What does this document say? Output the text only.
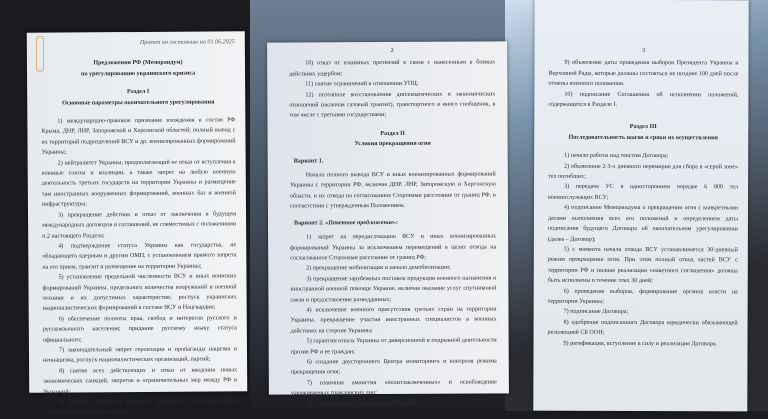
Проект по состоянию на 01.06.2025
Предложения РФ (Меморандум)
по урегулированию украинского кризиса
Раздел I
Основные параметры окончательного урегулирования

1) международно-правовое признание вхождения в состав РФ Крыма, ДНР, ЛНР, Запорожской и Херсонской областей; полный вывод с их территорий подразделений ВСУ и др. военизированных формирований Украины;

2) нейтралитет Украины, предполагающий ее отказ от вступления в военные союзы и коалиции, а также запрет на любую военную деятельность третьих государств на территории Украины и размещение там иностранных вооруженных формирований, военных баз и военной инфраструктуры;

3) прекращение действия и отказ от заключения в будущем международных договоров и соглашений, не совместимых с положениями п.2 настоящего Раздела;

4) подтверждение статуса Украины как государства, не обладающего ядерным и другим ОМП, с установлением прямого запрета на его прием, транзит и размещение на территории Украины;

5) установление предельной численности ВСУ и иных воинских формирований Украины, предельного количества вооружений и военной техники и их допустимых характеристик; роспуск украинских националистических формирований в составе ВСУ и Нацгвардии;

6) обеспечение полноты прав, свобод и интересов русского и русскоязычного населения; придание русскому языку статуса официального;

7) законодательный запрет героизации и пропаганды нацизма и неонацизма, роспуск националистических организаций, партий;

8) снятие всех действующих и отказ от введения новых экономических санкций, запретов и ограничительных мер между РФ и Украиной;

9) решение комплекса вопросов, связанных с воссоединением семей и перемещенными лицами;

2

10) отказ от взаимных претензий в связи с нанесенным в боевых действиях ущербом;

11) снятие ограничений в отношении УПЦ;

12) поэтапное восстановление дипломатических и экономических отношений (включая газовый транзит), транспортного и иного сообщения, в том числе с третьими государствами;

Раздел II
Условия прекращения огня
Вариант 1.

Начало полного вывода ВСУ и иных военизированных формирований Украины с территории РФ, включая ДНР, ЛНР, Запорожскую и Херсонскую области, и их отвода на согласованное Сторонами расстояние от границ РФ, в соответствии с утвержденным Положением.

Вариант 2. «Пакетное предложение»:

1) запрет на передислокацию ВСУ и иных военизированных формирований Украины за исключением перемещений в целях отвода на согласованное Сторонами расстояние от границ РФ;

2) прекращение мобилизации и начало демобилизации;

3) прекращение зарубежных поставок продукции военного назначения и иностранной военной помощи Украине, включая оказание услуг спутниковой связи и предоставление разведданных;

4) исключение военного присутствия третьих стран на территории Украины, прекращение участия иностранных специалистов в военных действиях на стороне Украины;

5) гарантии отказа Украины от диверсионной и подрывной деятельности против РФ и ее граждан;

6) создание двустороннего Центра мониторинга и контроля режима прекращения огня;

7) взаимная амнистия «политзаключенных» и освобождение удерживаемых гражданских лиц;

8) отмена военного положения на Украине;

3

9) объявление даты проведения выборов Президента Украины и Верховной Рады, которые должны состояться не позднее 100 дней после отмены военного положения.

10) подписание Соглашения об исполнении положений, содержащихся в Разделе I.

Раздел III
Последовательность шагов и сроки их осуществления

1) начало работы над текстом Договора;

2) объявление 2-3-х дневного перемирия для сбора в «серой зоне» тел погибших;

3) передача УС в одностороннем порядке 6 000 тел военнослужащих ВСУ;

4) подписание Меморандума о прекращении огня с конкретными датами выполнения всех его положений и определением даты подписания будущего Договора об окончательном урегулировании (далее – Договор);

5) с момента начала отвода ВСУ устанавливается 30-дневный режим прекращения огня. При этом полный отвод частей ВСУ с территории РФ и полная реализация «пакетного соглашения» должны быть исполнены в течение этих 30 дней;

6) проведение выборов, формирование органов власти на территории Украины;

7) подписание Договора;

8) одобрение подписанного Договора юридически обязывающей резолюцией СБ ООН;

9) ратификация, вступление в силу и реализация Договора.
